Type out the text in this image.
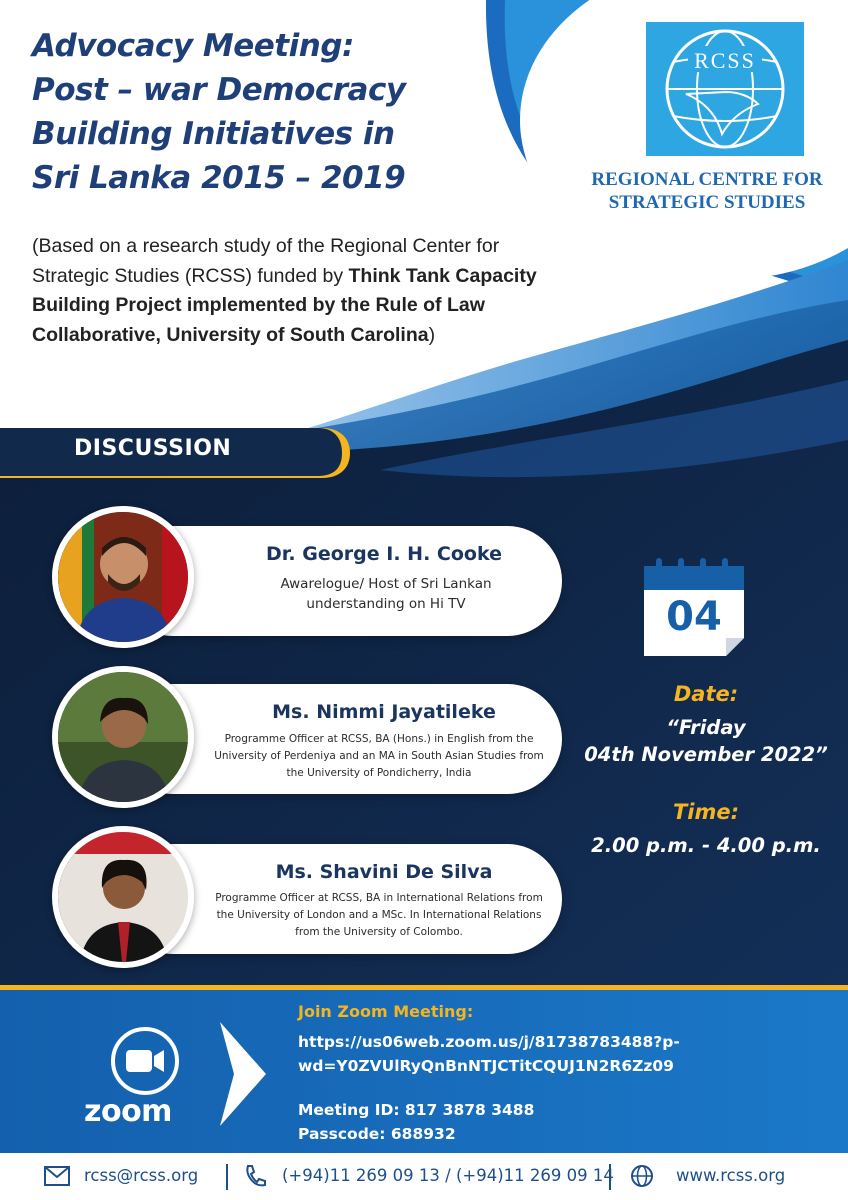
Advocacy Meeting:
Post – war Democracy
Building Initiatives in
Sri Lanka 2015 – 2019
(Based on a research study of the Regional Center for Strategic Studies (RCSS) funded by Think Tank Capacity Building Project implemented by the Rule of Law Collaborative, University of South Carolina)
RCSS
REGIONAL CENTRE FOR
STRATEGIC STUDIES
DISCUSSION
Dr. George I. H. Cooke
Awarelogue/ Host of Sri Lankan understanding on Hi TV
Ms. Nimmi Jayatileke
Programme Officer at RCSS, BA (Hons.) in English from the University of Perdeniya and an MA in South Asian Studies from the University of Pondicherry, India
Ms. Shavini De Silva
Programme Officer at RCSS, BA in International Relations from the University of London and a MSc. In International Relations from the University of Colombo.
04
Date:
“Friday
04th November 2022”
Time:
2.00 p.m. - 4.00 p.m.
zoom
Join Zoom Meeting:
https://us06web.zoom.us/j/81738783488?p-
wd=Y0ZVUlRyQnBnNTJCTitCQUJ1N2R6Zz09
Meeting ID: 817 3878 3488
Passcode: 688932
rcss@rcss.org	(+94)11 269 09 13 / (+94)11 269 09 14	www.rcss.org
